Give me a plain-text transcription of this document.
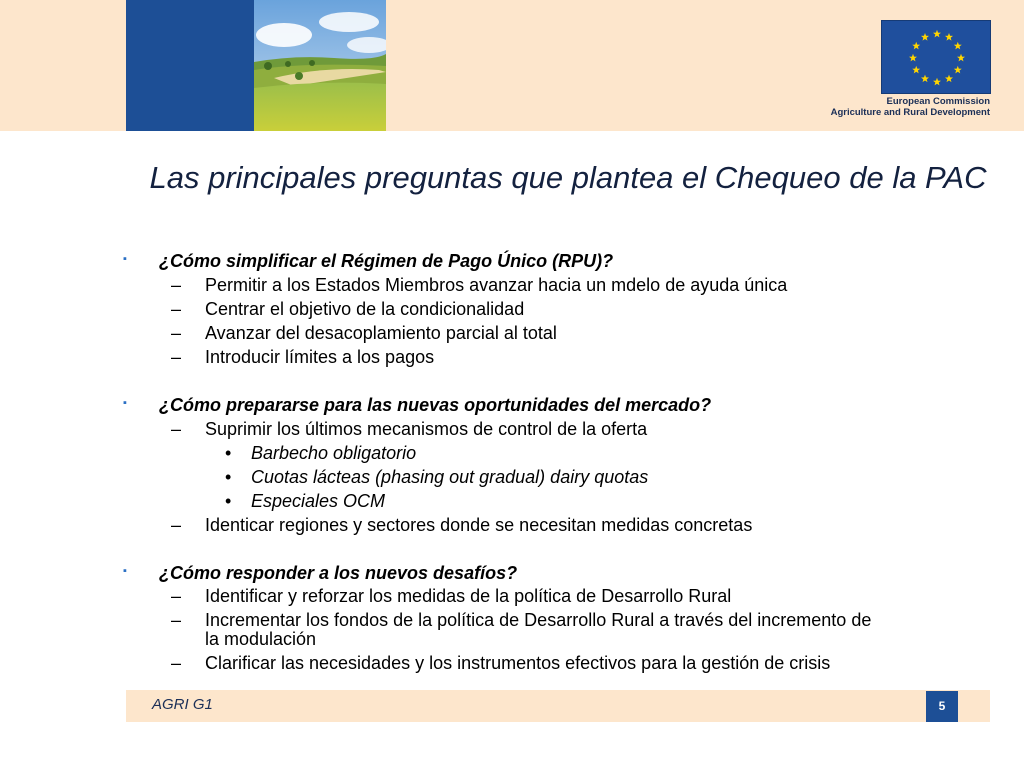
European Commission
Agriculture and Rural Development
Las principales preguntas que plantea el Chequeo de la PAC
▪ ¿Cómo simplificar el Régimen de Pago Único (RPU)?
– Permitir a los Estados Miembros avanzar hacia un mdelo de ayuda única
– Centrar el objetivo de la condicionalidad
– Avanzar del desacoplamiento parcial al total
– Introducir límites a los pagos
▪ ¿Cómo prepararse para las nuevas oportunidades del mercado?
– Suprimir los últimos mecanismos de control de la oferta
• Barbecho obligatorio
• Cuotas lácteas (phasing out gradual) dairy quotas
• Especiales OCM
– Identicar regiones y sectores donde se necesitan medidas concretas
▪ ¿Cómo responder a los nuevos desafíos?
– Identificar y reforzar los medidas de la política de Desarrollo Rural
– Incrementar los fondos de la política de Desarrollo Rural a través del incremento de
la modulación
– Clarificar las necesidades y los instrumentos efectivos para la gestión de crisis
AGRI G1	5
